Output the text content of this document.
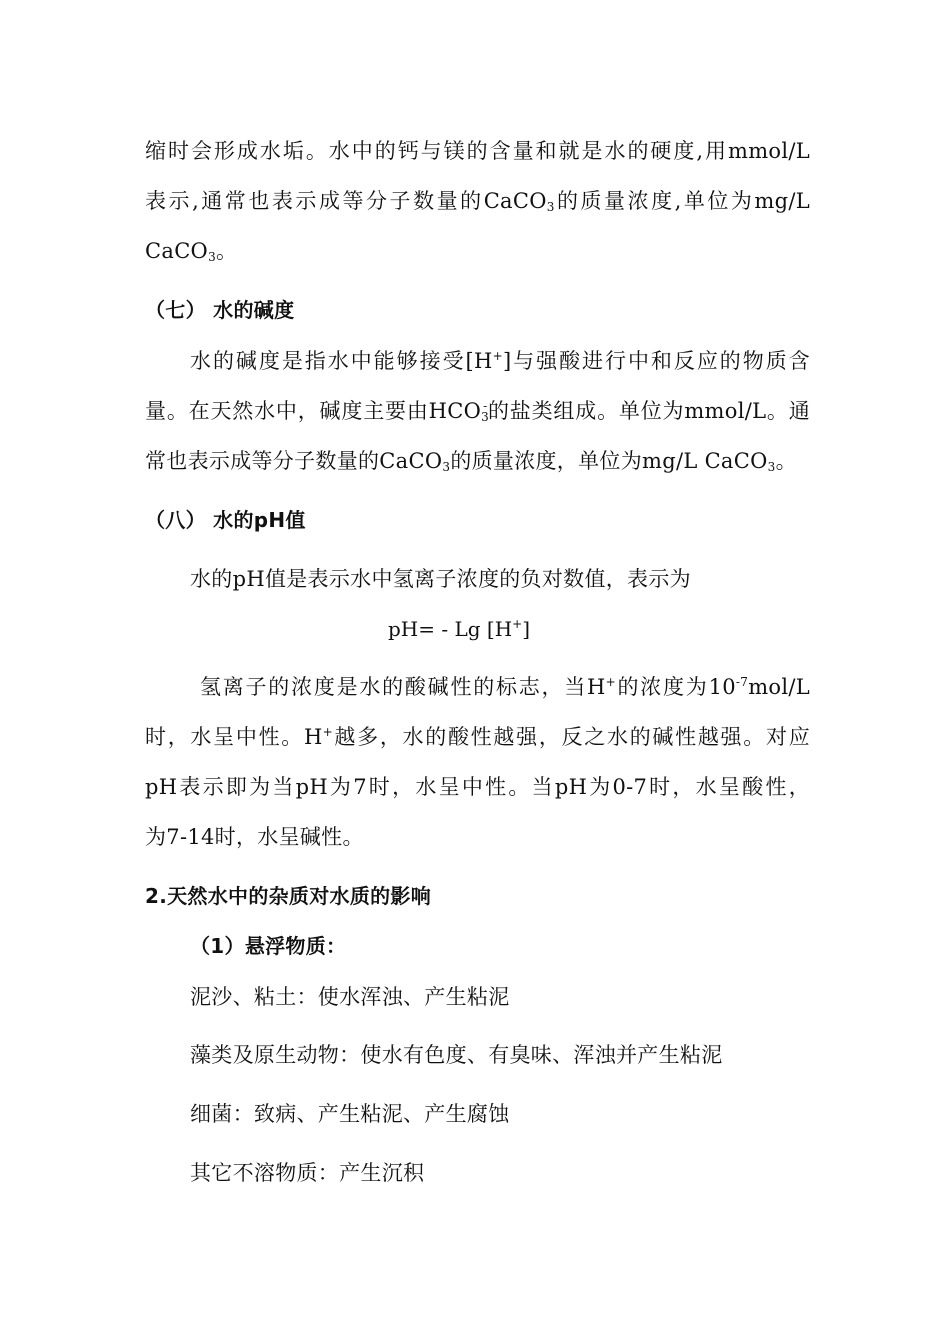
缩时会形成水垢。水中的钙与镁的含量和就是水的硬度,用mmol/L
表示,通常也表示成等分子数量的CaCO$_3$的质量浓度,单位为mg/L
CaCO$_3$。
（七） 水的碱度
水的碱度是指水中能够接受[H+]与强酸进行中和反应的物质含
量。在天然水中，碱度主要由$HCO_3^-$的盐类组成。单位为mmol/L。通
常也表示成等分子数量的CaCO$_3$的质量浓度，单位为mg/L CaCO$_3$。
（八） 水的pH值
水的pH值是表示水中氢离子浓度的负对数值，表示为
pH= - Lg [H+]
氢离子的浓度是水的酸碱性的标志，当H+的浓度为$10^{-7}mol/L$
时，水呈中性。H+越多，水的酸性越强，反之水的碱性越强。对应
pH表示即为当pH为7时，水呈中性。当pH为0-7时，水呈酸性，
为7-14时，水呈碱性。
2.天然水中的杂质对水质的影响
（1）悬浮物质：
泥沙、粘土：使水浑浊、产生粘泥
藻类及原生动物：使水有色度、有臭味、浑浊并产生粘泥
细菌：致病、产生粘泥、产生腐蚀
其它不溶物质：产生沉积
